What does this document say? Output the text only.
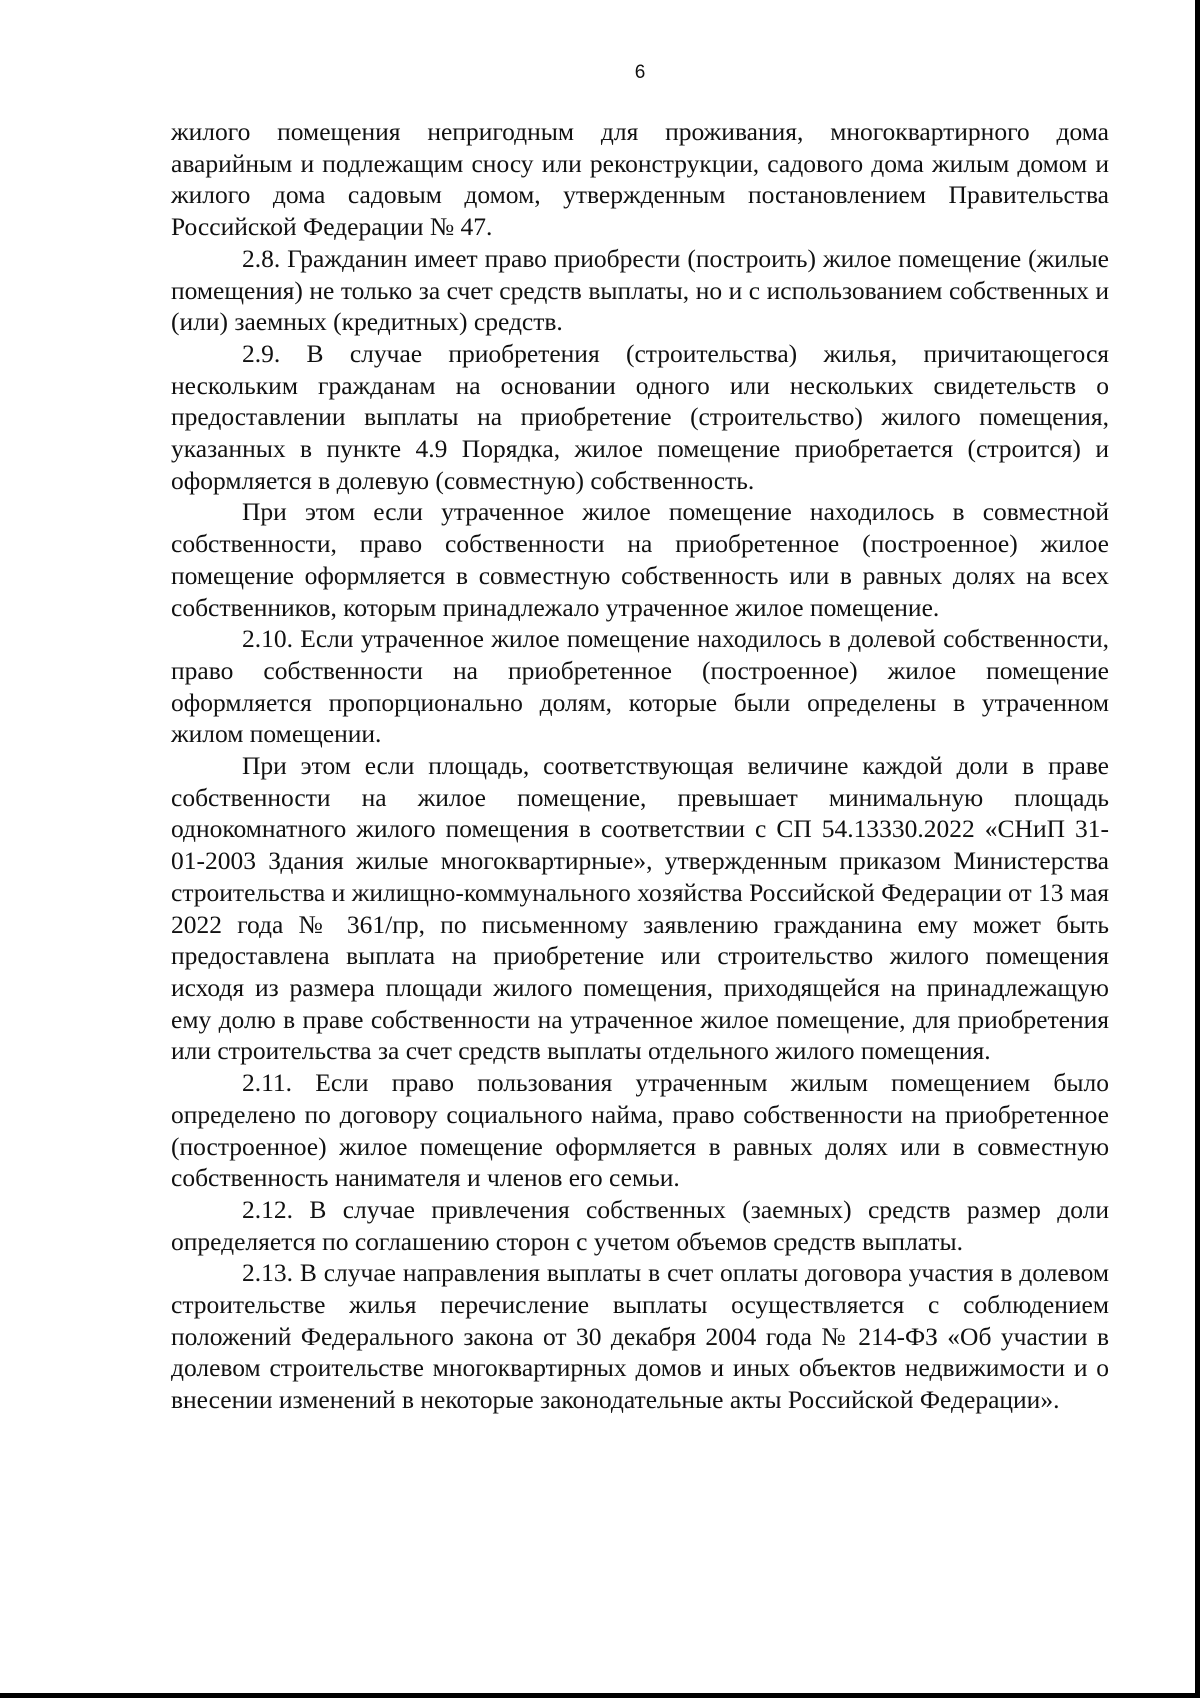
6

жилого помещения непригодным для проживания, многоквартирного дома аварийным и подлежащим сносу или реконструкции, садового дома жилым домом и жилого дома садовым домом, утвержденным постановлением Правительства Российской Федерации № 47.

2.8. Гражданин имеет право приобрести (построить) жилое помещение (жилые помещения) не только за счет средств выплаты, но и с использованием собственных и (или) заемных (кредитных) средств.

2.9. В случае приобретения (строительства) жилья, причитающегося нескольким гражданам на основании одного или нескольких свидетельств о предоставлении выплаты на приобретение (строительство) жилого помещения, указанных в пункте 4.9 Порядка, жилое помещение приобретается (строится) и оформляется в долевую (совместную) собственность.

При этом если утраченное жилое помещение находилось в совместной собственности, право собственности на приобретенное (построенное) жилое помещение оформляется в совместную собственность или в равных долях на всех собственников, которым принадлежало утраченное жилое помещение.

2.10. Если утраченное жилое помещение находилось в долевой собственности, право собственности на приобретенное (построенное) жилое помещение оформляется пропорционально долям, которые были определены в утраченном жилом помещении.

При этом если площадь, соответствующая величине каждой доли в праве собственности на жилое помещение, превышает минимальную площадь однокомнатного жилого помещения в соответствии с СП 54.13330.2022 «СНиП 31-01-2003 Здания жилые многоквартирные», утвержденным приказом Министерства строительства и жилищно-коммунального хозяйства Российской Федерации от 13 мая 2022 года № 361/пр, по письменному заявлению гражданина ему может быть предоставлена выплата на приобретение или строительство жилого помещения исходя из размера площади жилого помещения, приходящейся на принадлежащую ему долю в праве собственности на утраченное жилое помещение, для приобретения или строительства за счет средств выплаты отдельного жилого помещения.

2.11. Если право пользования утраченным жилым помещением было определено по договору социального найма, право собственности на приобретенное (построенное) жилое помещение оформляется в равных долях или в совместную собственность нанимателя и членов его семьи.

2.12. В случае привлечения собственных (заемных) средств размер доли определяется по соглашению сторон с учетом объемов средств выплаты.

2.13. В случае направления выплаты в счет оплаты договора участия в долевом строительстве жилья перечисление выплаты осуществляется с соблюдением положений Федерального закона от 30 декабря 2004 года № 214-ФЗ «Об участии в долевом строительстве многоквартирных домов и иных объектов недвижимости и о внесении изменений в некоторые законодательные акты Российской Федерации».
